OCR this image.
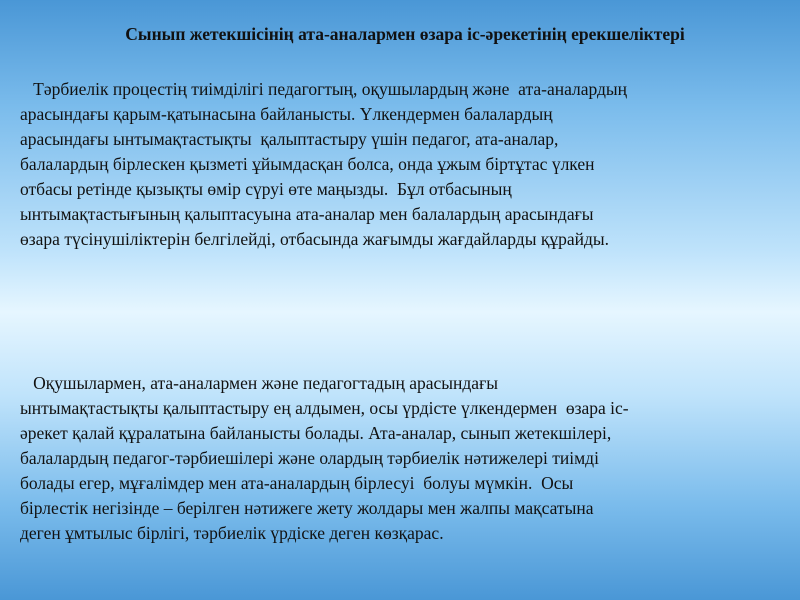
Сынып жетекшісінің ата-аналармен өзара іс-әрекетінің ерекшеліктері

Тәрбиелік процестің тиімділігі педагогтың, оқушылардың және  ата-аналардың
арасындағы қарым-қатынасына байланысты. Үлкендермен балалардың
арасындағы ынтымақтастықты  қалыптастыру үшін педагог, ата-аналар,
балалардың бірлескен қызметі ұйымдасқан болса, онда ұжым біртұтас үлкен
отбасы ретінде қызықты өмір сүруі өте маңызды.  Бұл отбасының
ынтымақтастығының қалыптасуына ата-аналар мен балалардың арасындағы
өзара түсінушіліктерін белгілейді, отбасында жағымды жағдайларды құрайды.

Оқушылармен, ата-аналармен және педагогтадың арасындағы
ынтымақтастықты қалыптастыру ең алдымен, осы үрдісте үлкендермен  өзара іс-
әрекет қалай құралатына байланысты болады. Ата-аналар, сынып жетекшілері,
балалардың педагог-тәрбиешілері және олардың тәрбиелік нәтижелері тиімді
болады егер, мұғалімдер мен ата-аналардың бірлесуі  болуы мүмкін.  Осы
бірлестік негізінде – берілген нәтижеге жету жолдары мен жалпы мақсатына
деген ұмтылыс бірлігі, тәрбиелік үрдіске деген көзқарас.
